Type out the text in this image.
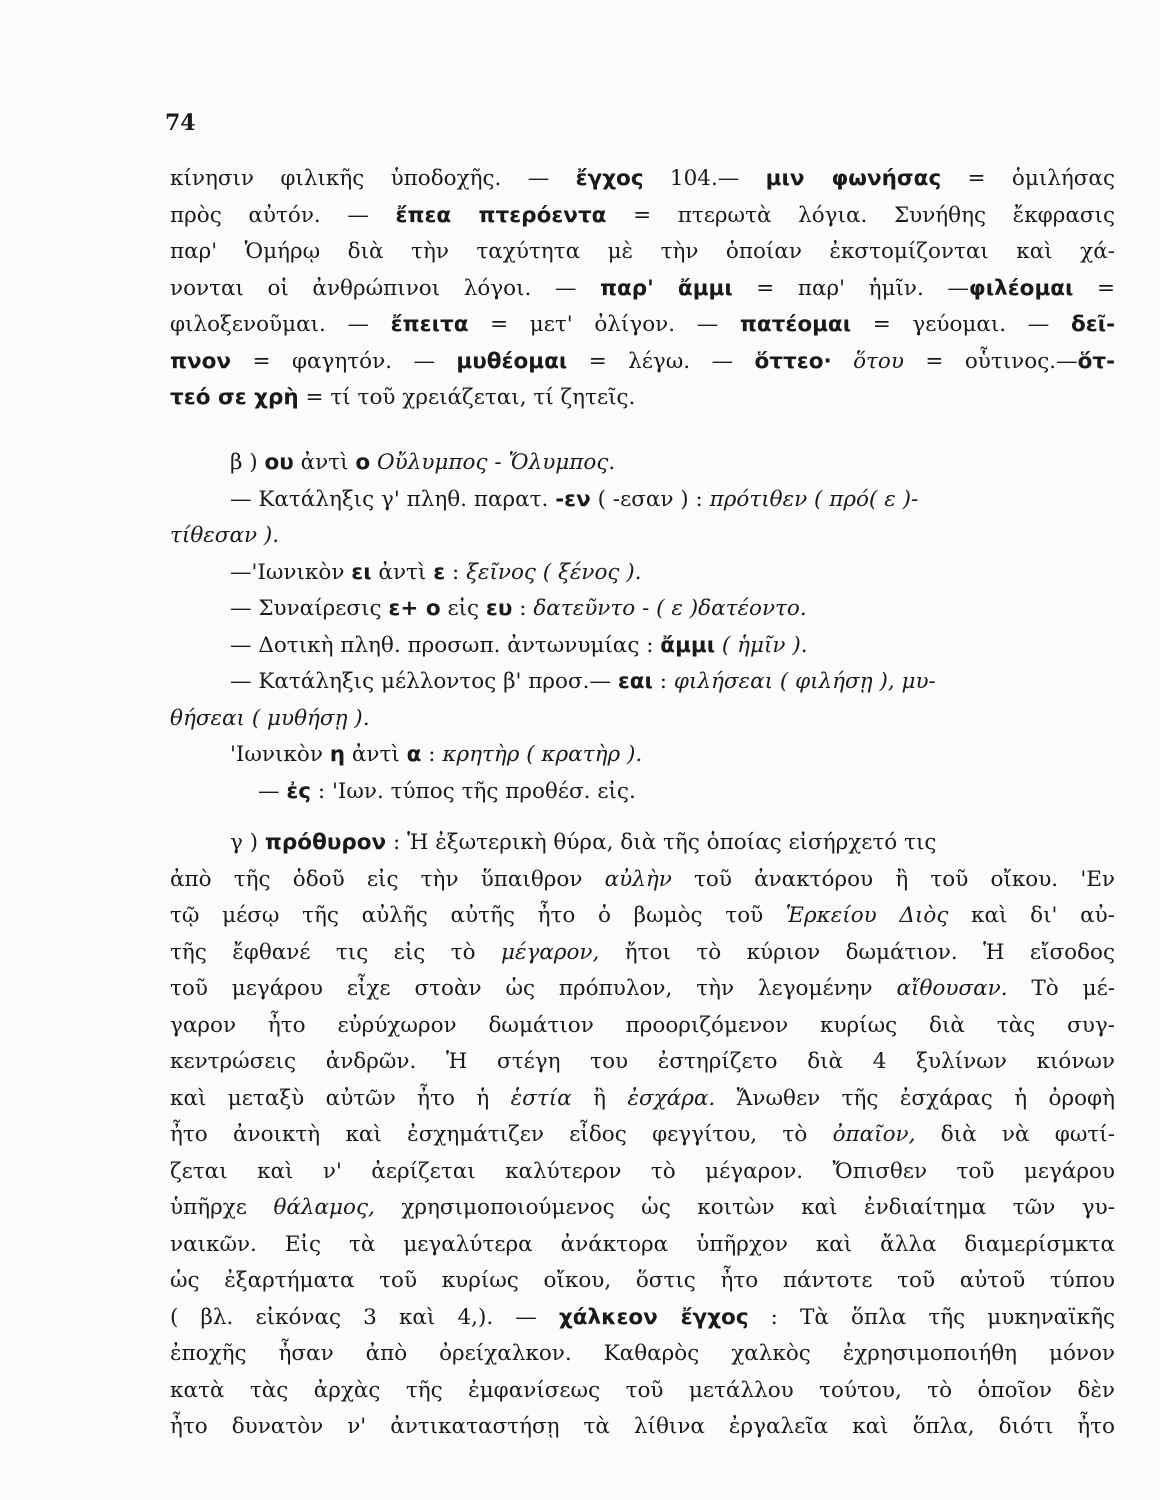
74
κίνησιν φιλικῆς ὑποδοχῆς. — ἔγχος 104.— μιν φωνήσας = ὁμιλήσας
πρὸς αὐτόν. — ἔπεα πτερόεντα = πτερωτὰ λόγια. Συνήθης ἔκφρασις
παρ' Ὁμήρῳ διὰ τὴν ταχύτητα μὲ τὴν ὁποίαν ἐκστομίζονται καὶ χά-
νονται οἱ ἀνθρώπινοι λόγοι. — παρ' ἄμμι = παρ' ἡμῖν. —φιλέομαι =
φιλοξενοῦμαι. — ἔπειτα = μετ' ὀλίγον. — πατέομαι = γεύομαι. — δεῖ-
πνον = φαγητόν. — μυθέομαι = λέγω. — ὅττεο· ὅτου = οὗτινος.—ὅτ-
τεό σε χρὴ = τί τοῦ χρειάζεται, τί ζητεῖς.
β ) ου ἀντὶ ο Οὔλυμπος - Ὄλυμπος.
— Κατάληξις γ' πληθ. παρατ. -εν ( -εσαν ) : πρότιθεν ( πρό( ε )-
τίθεσαν ).
—'Ιωνικὸν ει ἀντὶ ε : ξεῖνος ( ξένος ).
— Συναίρεσις ε+ ο εἰς ευ : δατεῦντο - ( ε )δατέοντο.
— Δοτικὴ πληθ. προσωπ. ἀντωνυμίας : ἄμμι ( ἡμῖν ).
— Κατάληξις μέλλοντος β' προσ.— εαι : φιλήσεαι ( φιλήσῃ ), μυ-
θήσεαι ( μυθήσῃ ).
'Ιωνικὸν η ἀντὶ α : κρητὴρ ( κρατὴρ ).
— ἐς : 'Ιων. τύπος τῆς προθέσ. εἰς.
γ ) πρόθυρον : Ἡ ἐξωτερικὴ θύρα, διὰ τῆς ὁποίας εἰσήρχετό τις
ἀπὸ τῆς ὁδοῦ εἰς τὴν ὕπαιθρον αὐλὴν τοῦ ἀνακτόρου ἢ τοῦ οἴκου. 'Εν
τῷ μέσῳ τῆς αὐλῆς αὐτῆς ἦτο ὁ βωμὸς τοῦ Ἑρκείου Διὸς καὶ δι' αὐ-
τῆς ἔφθανέ τις εἰς τὸ μέγαρον, ἤτοι τὸ κύριον δωμάτιον. Ἡ εἴσοδος
τοῦ μεγάρου εἶχε στοὰν ὡς πρόπυλον, τὴν λεγομένην αἴθουσαν. Τὸ μέ-
γαρον ἦτο εὐρύχωρον δωμάτιον προοριζόμενον κυρίως διὰ τὰς συγ-
κεντρώσεις ἀνδρῶν. Ἡ στέγη του ἐστηρίζετο διὰ 4 ξυλίνων κιόνων
καὶ μεταξὺ αὐτῶν ἦτο ἡ ἑστία ἢ ἐσχάρα. Ἄνωθεν τῆς ἐσχάρας ἡ ὀροφὴ
ἦτο ἀνοικτὴ καὶ ἐσχημάτιζεν εἶδος φεγγίτου, τὸ ὀπαῖον, διὰ νὰ φωτί-
ζεται καὶ ν' ἀερίζεται καλύτερον τὸ μέγαρον. Ὄπισθεν τοῦ μεγάρου
ὑπῆρχε θάλαμος, χρησιμοποιούμενος ὡς κοιτὼν καὶ ἐνδιαίτημα τῶν γυ-
ναικῶν. Εἰς τὰ μεγαλύτερα ἀνάκτορα ὑπῆρχον καὶ ἄλλα διαμερίσμκτα
ὡς ἐξαρτήματα τοῦ κυρίως οἴκου, ὅστις ἦτο πάντοτε τοῦ αὐτοῦ τύπου
( βλ. εἰκόνας 3 καὶ 4,). — χάλκεον ἔγχος : Τὰ ὅπλα τῆς μυκηναϊκῆς
ἐποχῆς ἦσαν ἀπὸ ὀρείχαλκον. Καθαρὸς χαλκὸς ἐχρησιμοποιήθη μόνον
κατὰ τὰς ἀρχὰς τῆς ἐμφανίσεως τοῦ μετάλλου τούτου, τὸ ὁποῖον δὲν
ἦτο δυνατὸν ν' ἀντικαταστήσῃ τὰ λίθινα ἐργαλεῖα καὶ ὅπλα, διότι ἦτο
